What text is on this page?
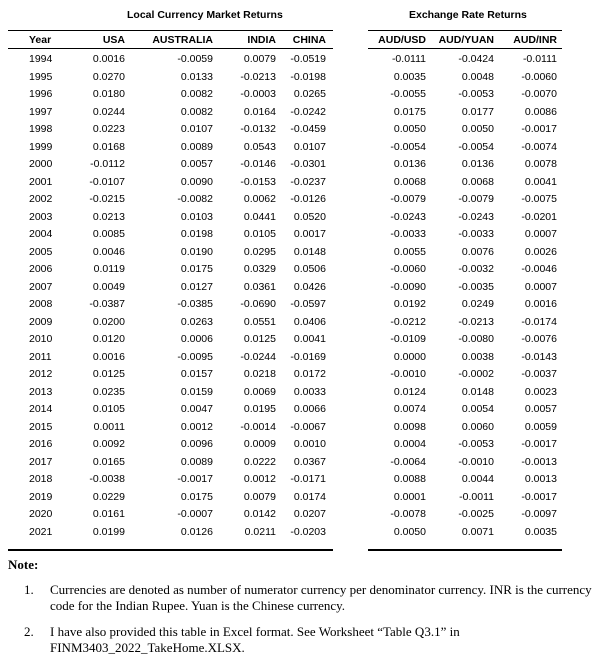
Local Currency Market Returns	Exchange Rate Returns
Year	USA	AUSTRALIA	INDIA CHINA	AUD/USD AUD/YUAN AUD/INR
1994	0.0016	-0.0059	0.0079 -0.0519	-0.0111	-0.0424	-0.0111
1995	0.0270	0.0133	-0.0213 -0.0198	0.0035	0.0048	-0.0060
1996	0.0180	0.0082	-0.0003 0.0265	-0.0055	-0.0053	-0.0070
1997	0.0244	0.0082	0.0164 -0.0242	0.0175	0.0177	0.0086
1998	0.0223	0.0107	-0.0132 -0.0459	0.0050	0.0050	-0.0017
1999	0.0168	0.0089	0.0543 0.0107	-0.0054	-0.0054	-0.0074
2000	-0.0112	0.0057	-0.0146 -0.0301	0.0136	0.0136	0.0078
2001	-0.0107	0.0090	-0.0153 -0.0237	0.0068	0.0068	0.0041
2002	-0.0215	-0.0082	0.0062 -0.0126	-0.0079	-0.0079	-0.0075
2003	0.0213	0.0103	0.0441 0.0520	-0.0243	-0.0243	-0.0201
2004	0.0085	0.0198	0.0105 0.0017	-0.0033	-0.0033	0.0007
2005	0.0046	0.0190	0.0295 0.0148	0.0055	0.0076	0.0026
2006	0.0119	0.0175	0.0329 0.0506	-0.0060	-0.0032	-0.0046
2007	0.0049	0.0127	0.0361 0.0426	-0.0090	-0.0035	0.0007
2008	-0.0387	-0.0385	-0.0690 -0.0597	0.0192	0.0249	0.0016
2009	0.0200	0.0263	0.0551 0.0406	-0.0212	-0.0213	-0.0174
2010	0.0120	0.0006	0.0125 0.0041	-0.0109	-0.0080	-0.0076
2011	0.0016	-0.0095	-0.0244 -0.0169	0.0000	0.0038	-0.0143
2012	0.0125	0.0157	0.0218 0.0172	-0.0010	-0.0002	-0.0037
2013	0.0235	0.0159	0.0069 0.0033	0.0124	0.0148	0.0023
2014	0.0105	0.0047	0.0195 0.0066	0.0074	0.0054	0.0057
2015	0.0011	0.0012	-0.0014 -0.0067	0.0098	0.0060	0.0059
2016	0.0092	0.0096	0.0009 0.0010	0.0004	-0.0053	-0.0017
2017	0.0165	0.0089	0.0222 0.0367	-0.0064	-0.0010	-0.0013
2018	-0.0038	-0.0017	0.0012 -0.0171	0.0088	0.0044	0.0013
2019	0.0229	0.0175	0.0079 0.0174	0.0001	-0.0011	-0.0017
2020	0.0161	-0.0007	0.0142 0.0207	-0.0078	-0.0025	-0.0097
2021	0.0199	0.0126	0.0211 -0.0203	0.0050	0.0071	0.0035
Note:
1. Currencies are denoted as number of numerator currency per denominator currency. INR is the currency code for the Indian Rupee. Yuan is the Chinese currency.
2. I have also provided this table in Excel format. See Worksheet “Table Q3.1” in FINM3403_2022_TakeHome.XLSX.
